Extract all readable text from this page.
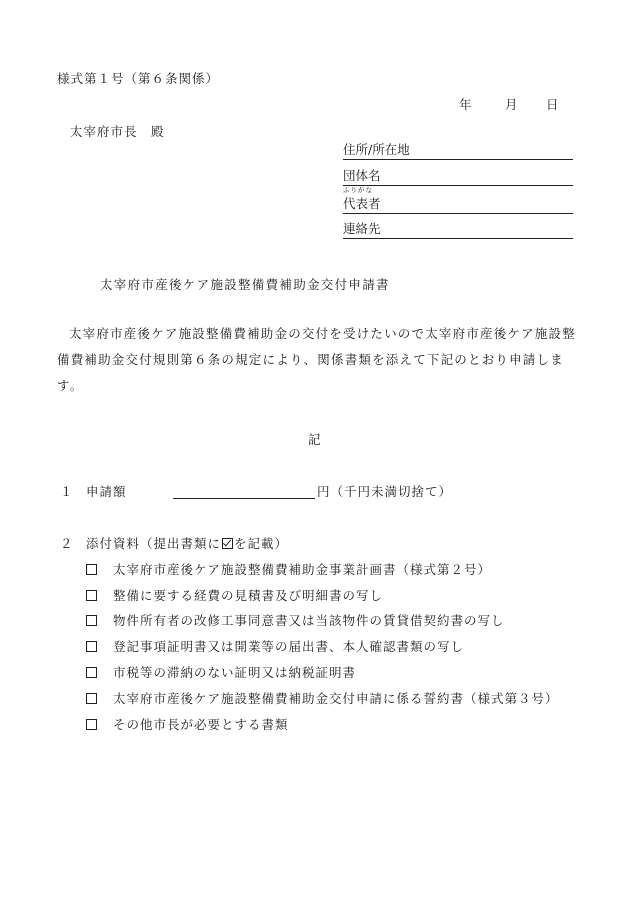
様式第１号（第６条関係）
年	月 日
太宰府市長　殿
住所/所在地
団体名
ふりがな
代表者
連絡先
太宰府市産後ケア施設整備費補助金交付申請書
太宰府市産後ケア施設整備費補助金の交付を受けたいので太宰府市産後ケア施設整備費補助金交付規則第６条の規定により、関係書類を添えて下記のとおり申請します。
記
１ 申請額	円（千円未満切捨て）
２ 添付資料（提出書類に を記載）
太宰府市産後ケア施設整備費補助金事業計画書（様式第２号）
整備に要する経費の見積書及び明細書の写し
物件所有者の改修工事同意書又は当該物件の賃貸借契約書の写し
登記事項証明書又は開業等の届出書、本人確認書類の写し
市税等の滞納のない証明又は納税証明書
太宰府市産後ケア施設整備費補助金交付申請に係る誓約書（様式第３号）
その他市長が必要とする書類
